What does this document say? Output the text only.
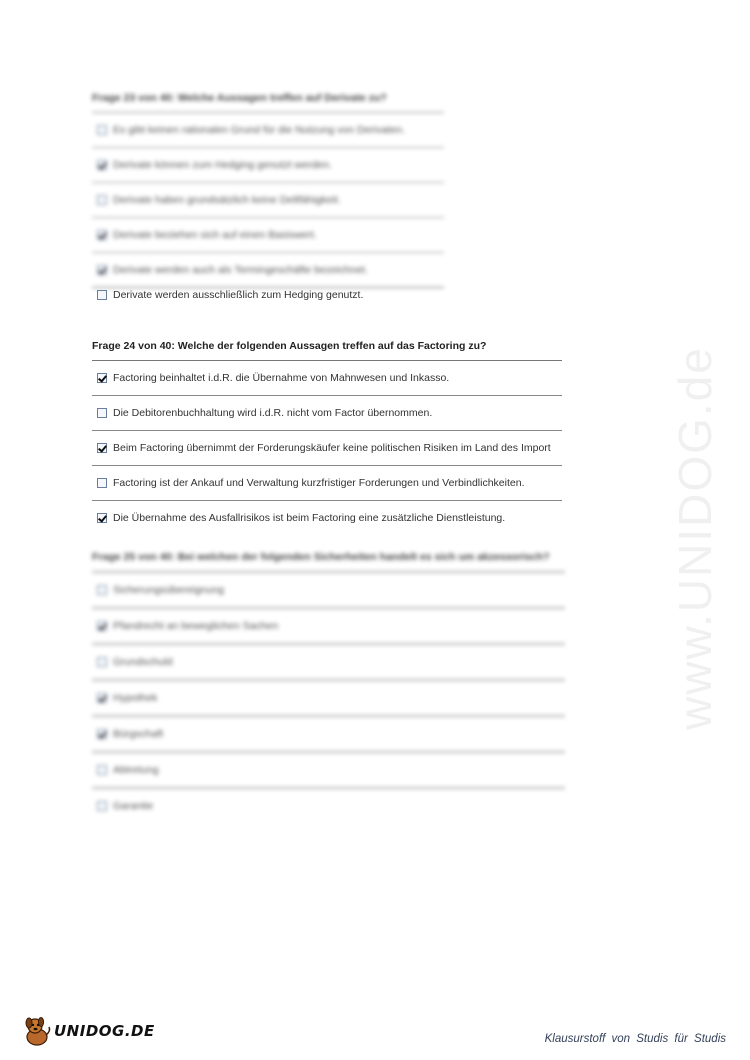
www.UNIDOG.de
Frage 23 von 40: Welche Aussagen treffen auf Derivate zu?
Es gibt keinen rationalen Grund für die Nutzung von Derivaten.
Derivate können zum Hedging genutzt werden.
Derivate haben grundsätzlich keine Deltfähigkeit.
Derivate beziehen sich auf einen Basiswert.
Derivate werden auch als Termingeschäfte bezeichnet.
Derivate werden ausschließlich zum Hedging genutzt.
Frage 24 von 40: Welche der folgenden Aussagen treffen auf das Factoring zu?
Factoring beinhaltet i.d.R. die Übernahme von Mahnwesen und Inkasso.
Die Debitorenbuchhaltung wird i.d.R. nicht vom Factor übernommen.
Beim Factoring übernimmt der Forderungskäufer keine politischen Risiken im Land des Import
Factoring ist der Ankauf und Verwaltung kurzfristiger Forderungen und Verbindlichkeiten.
Die Übernahme des Ausfallrisikos ist beim Factoring eine zusätzliche Dienstleistung.
Frage 25 von 40: Bei welchen der folgenden Sicherheiten handelt es sich um akzessorisch?
Sicherungsübereignung
Pfandrecht an beweglichen Sachen
Grundschuld
Hypothek
Bürgschaft
Abtretung
Garantie
UNIDOG.DE	Klausurstoff von Studis für Studis
